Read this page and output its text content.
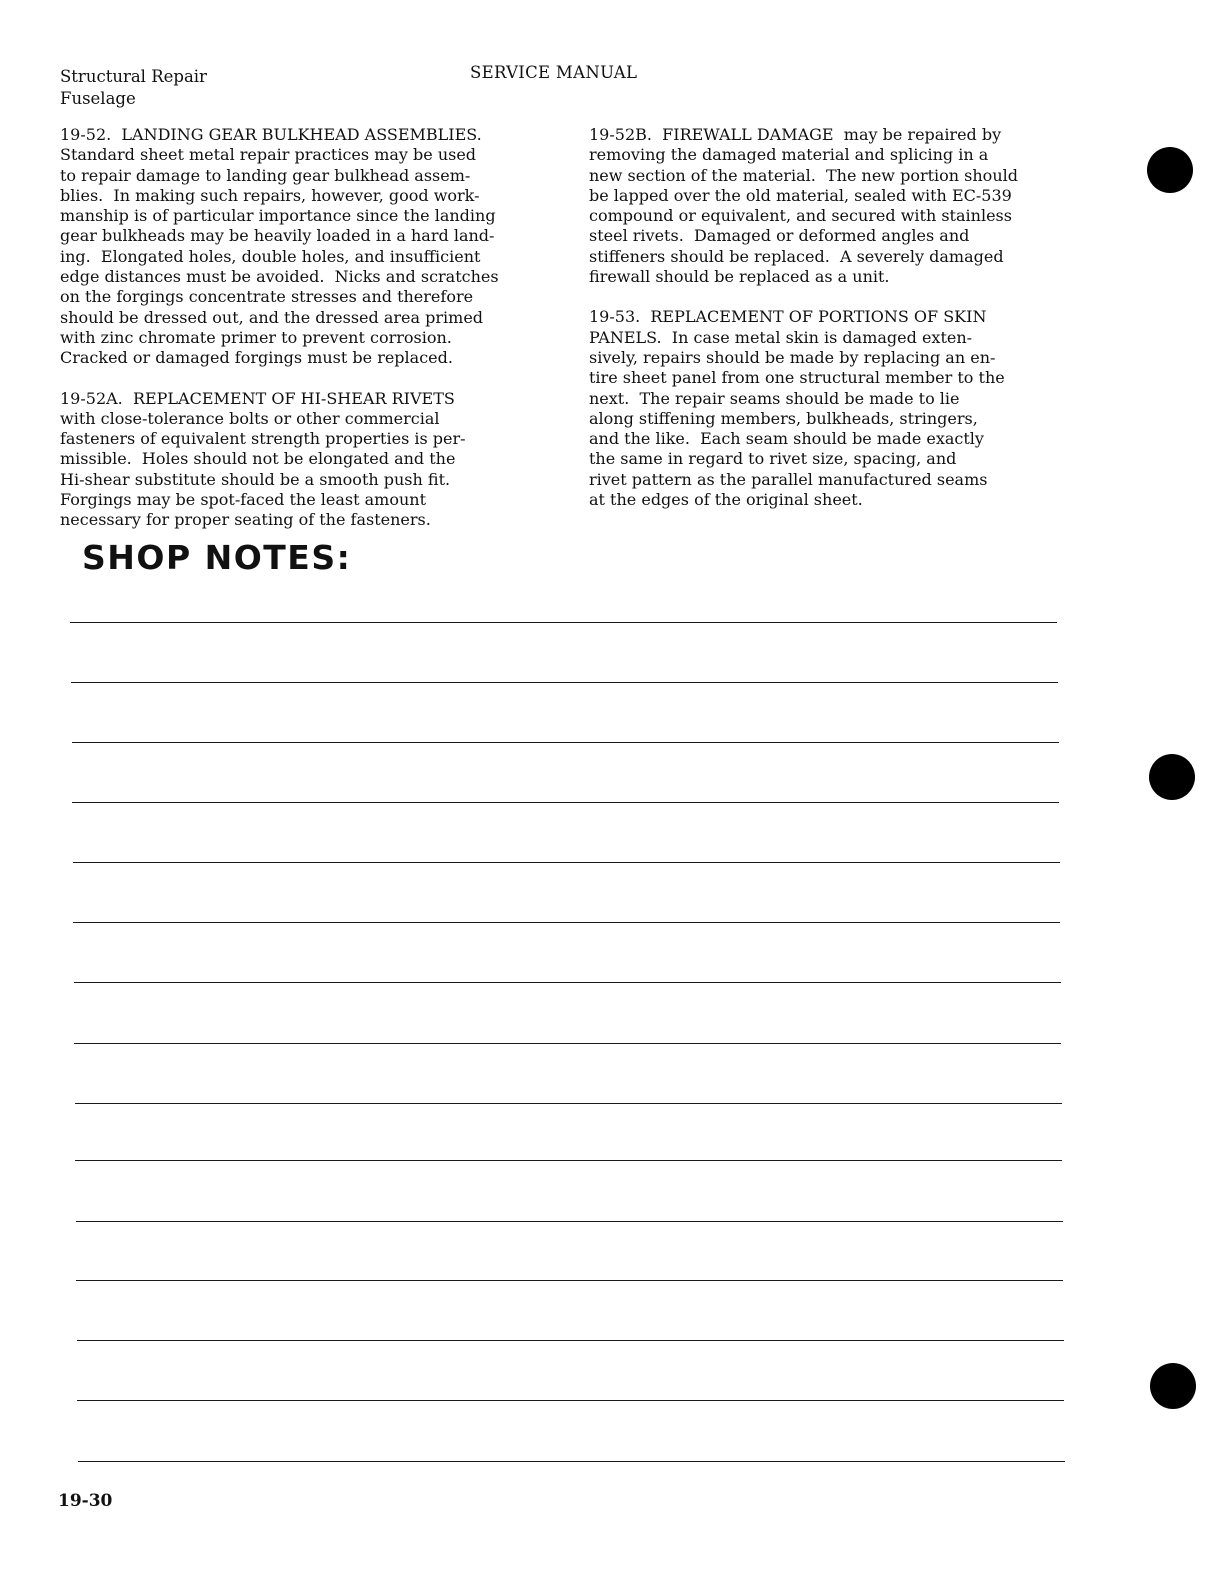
Structural Repair
Fuselage
SERVICE MANUAL

19-52.  LANDING GEAR BULKHEAD ASSEMBLIES.

Standard sheet metal repair practices may be used

to repair damage to landing gear bulkhead assem-

blies.  In making such repairs, however, good work-

manship is of particular importance since the landing

gear bulkheads may be heavily loaded in a hard land-

ing.  Elongated holes, double holes, and insufficient

edge distances must be avoided.  Nicks and scratches

on the forgings concentrate stresses and therefore

should be dressed out, and the dressed area primed

with zinc chromate primer to prevent corrosion.

Cracked or damaged forgings must be replaced.

19-52A.  REPLACEMENT OF HI-SHEAR RIVETS

with close-tolerance bolts or other commercial

fasteners of equivalent strength properties is per-

missible.  Holes should not be elongated and the

Hi-shear substitute should be a smooth push fit.

Forgings may be spot-faced the least amount

necessary for proper seating of the fasteners.

19-52B.  FIREWALL DAMAGE  may be repaired by

removing the damaged material and splicing in a

new section of the material.  The new portion should

be lapped over the old material, sealed with EC-539

compound or equivalent, and secured with stainless

steel rivets.  Damaged or deformed angles and

stiffeners should be replaced.  A severely damaged

firewall should be replaced as a unit.

19-53.  REPLACEMENT OF PORTIONS OF SKIN

PANELS.  In case metal skin is damaged exten-

sively, repairs should be made by replacing an en-

tire sheet panel from one structural member to the

next.  The repair seams should be made to lie

along stiffening members, bulkheads, stringers,

and the like.  Each seam should be made exactly

the same in regard to rivet size, spacing, and

rivet pattern as the parallel manufactured seams

at the edges of the original sheet.

SHOP NOTES:
19-30
